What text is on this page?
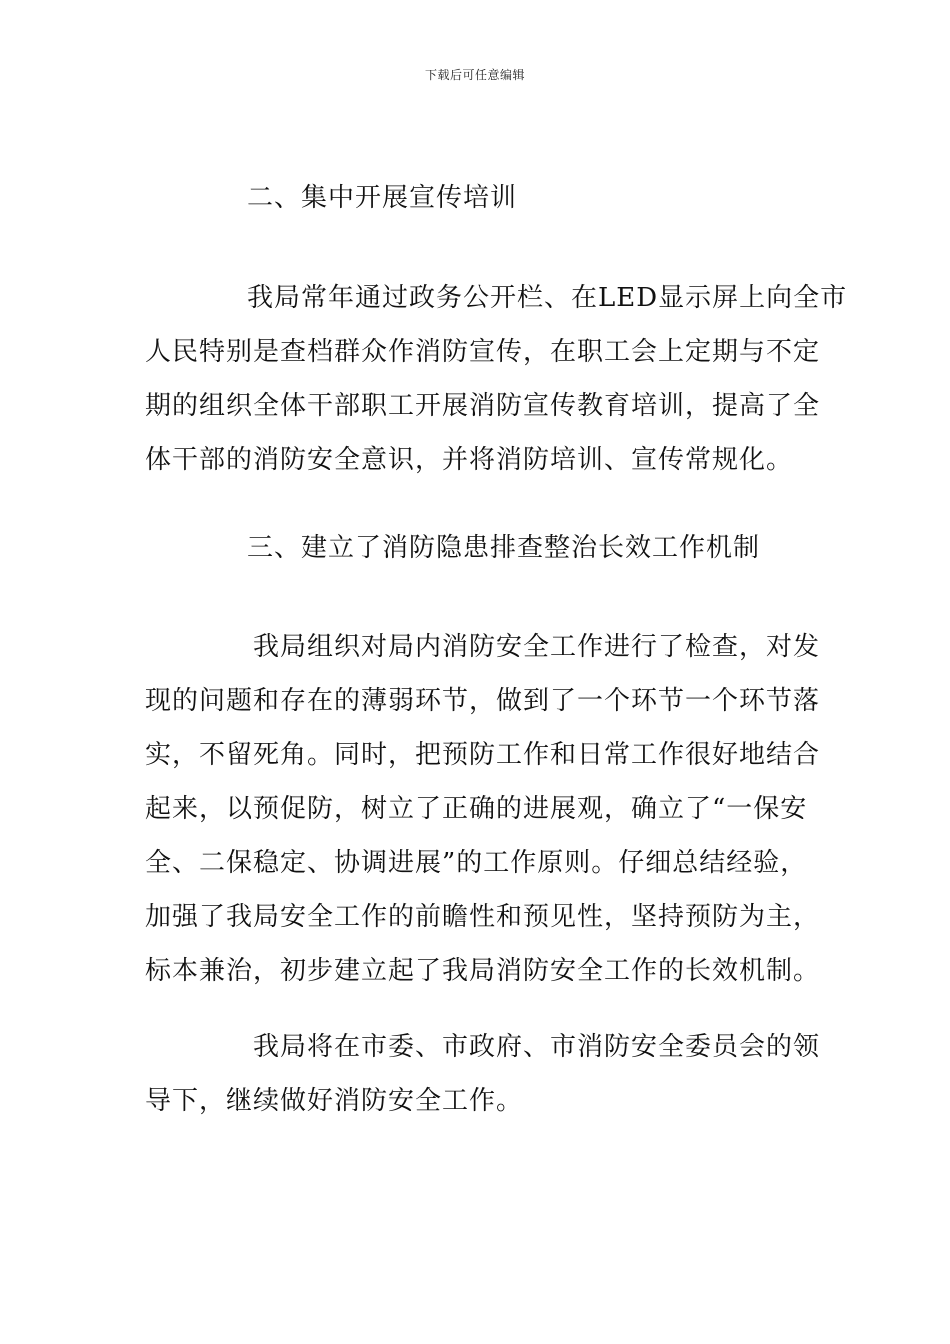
下载后可任意编辑
二、集中开展宣传培训
我局常年通过政务公开栏、在LED显示屏上向全市
人民特别是查档群众作消防宣传，在职工会上定期与不定
期的组织全体干部职工开展消防宣传教育培训，提高了全
体干部的消防安全意识，并将消防培训、宣传常规化。
三、建立了消防隐患排查整治长效工作机制
我局组织对局内消防安全工作进行了检查，对发
现的问题和存在的薄弱环节，做到了一个环节一个环节落
实，不留死角。同时，把预防工作和日常工作很好地结合
起来，以预促防，树立了正确的进展观，确立了“一保安
全、二保稳定、协调进展”的工作原则。仔细总结经验，
加强了我局安全工作的前瞻性和预见性，坚持预防为主，
标本兼治，初步建立起了我局消防安全工作的长效机制。
我局将在市委、市政府、市消防安全委员会的领
导下，继续做好消防安全工作。
